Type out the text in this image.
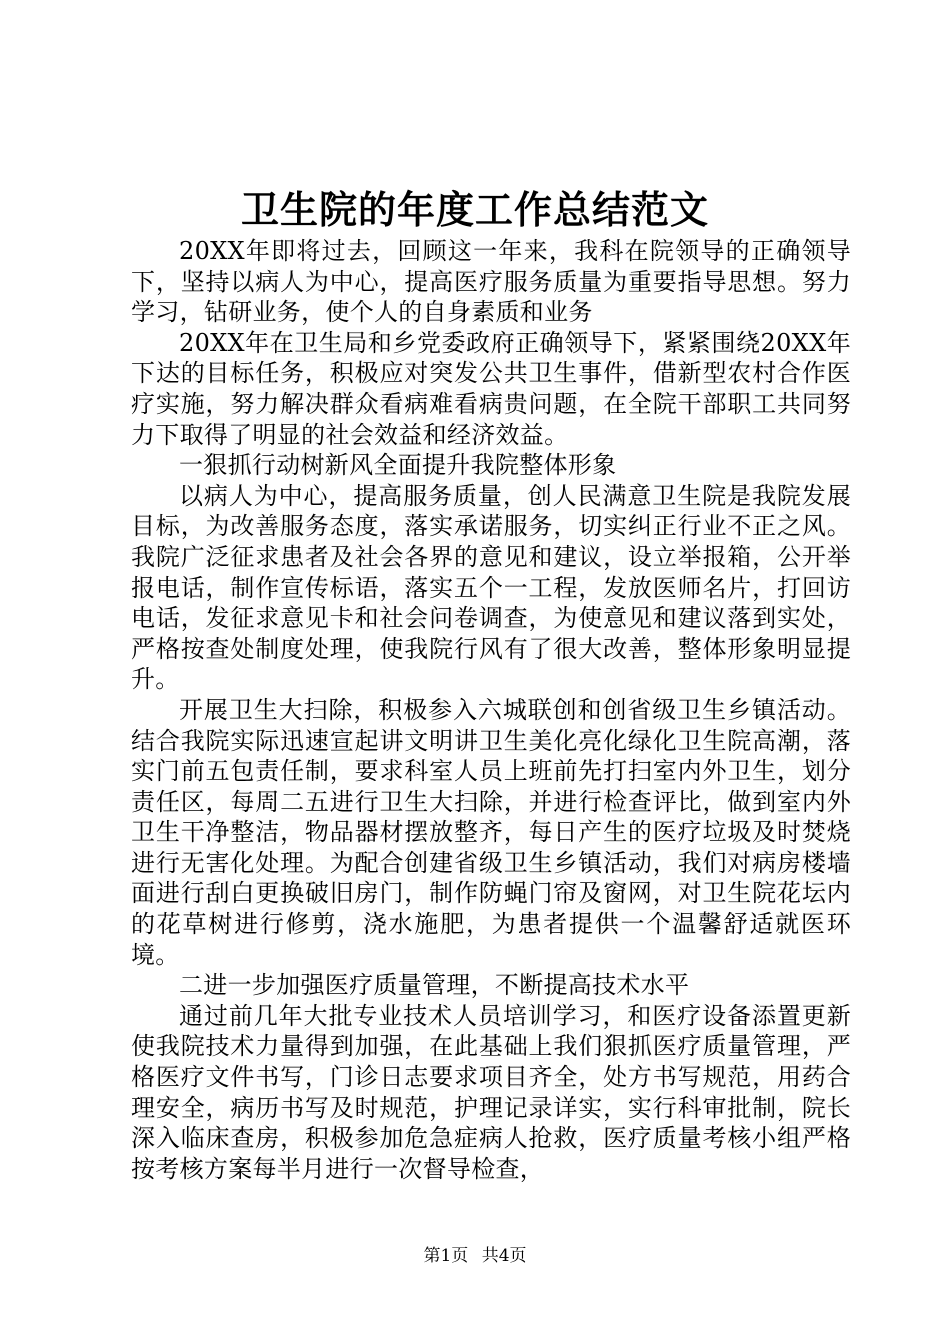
卫生院的年度工作总结范文

20XX年即将过去，回顾这一年来，我科在院领导的正确领导下，坚持以病人为中心，提高医疗服务质量为重要指导思想。努力学习，钻研业务，使个人的自身素质和业务

20XX年在卫生局和乡党委政府正确领导下，紧紧围绕20XX年下达的目标任务，积极应对突发公共卫生事件，借新型农村合作医疗实施，努力解决群众看病难看病贵问题，在全院干部职工共同努力下取得了明显的社会效益和经济效益。

一狠抓行动树新风全面提升我院整体形象

以病人为中心，提高服务质量，创人民满意卫生院是我院发展目标，为改善服务态度，落实承诺服务，切实纠正行业不正之风。我院广泛征求患者及社会各界的意见和建议，设立举报箱，公开举报电话，制作宣传标语，落实五个一工程，发放医师名片，打回访电话，发征求意见卡和社会问卷调查，为使意见和建议落到实处，严格按查处制度处理，使我院行风有了很大改善，整体形象明显提升。

开展卫生大扫除，积极参入六城联创和创省级卫生乡镇活动。结合我院实际迅速宣起讲文明讲卫生美化亮化绿化卫生院高潮，落实门前五包责任制，要求科室人员上班前先打扫室内外卫生，划分责任区，每周二五进行卫生大扫除，并进行检查评比，做到室内外卫生干净整洁，物品器材摆放整齐，每日产生的医疗垃圾及时焚烧进行无害化处理。为配合创建省级卫生乡镇活动，我们对病房楼墙面进行刮白更换破旧房门，制作防蝇门帘及窗网，对卫生院花坛内的花草树进行修剪，浇水施肥，为患者提供一个温馨舒适就医环境。

二进一步加强医疗质量管理，不断提高技术水平

通过前几年大批专业技术人员培训学习，和医疗设备添置更新使我院技术力量得到加强，在此基础上我们狠抓医疗质量管理，严格医疗文件书写，门诊日志要求项目齐全，处方书写规范，用药合理安全，病历书写及时规范，护理记录详实，实行科审批制，院长深入临床查房，积极参加危急症病人抢救，医疗质量考核小组严格按考核方案每半月进行一次督导检查，

第1页 共4页
